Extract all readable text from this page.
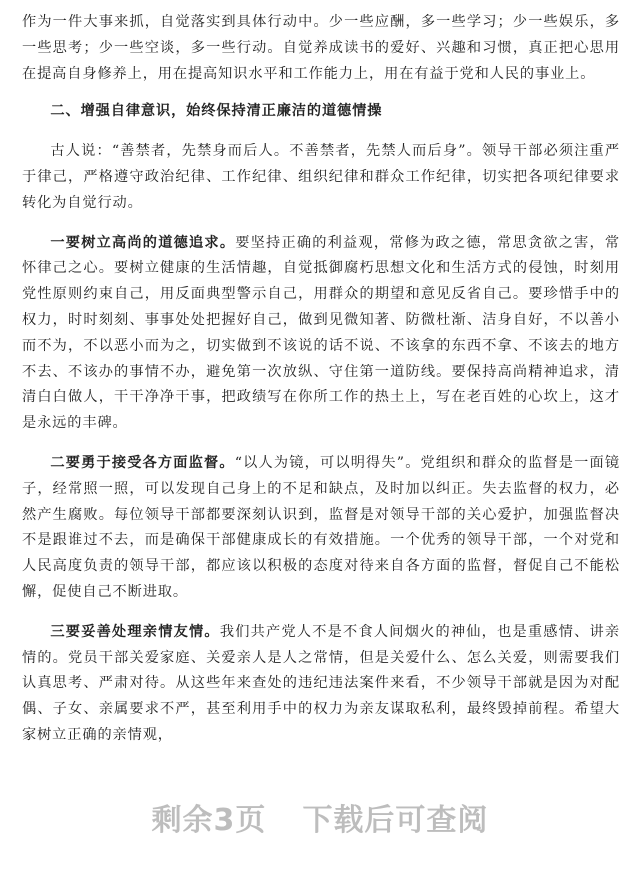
作为一件大事来抓，自觉落实到具体行动中。少一些应酬，多一些学习；少一些娱乐，多一些思考；少一些空谈，多一些行动。自觉养成读书的爱好、兴趣和习惯，真正把心思用在提高自身修养上，用在提高知识水平和工作能力上，用在有益于党和人民的事业上。

二、增强自律意识，始终保持清正廉洁的道德情操

古人说：“善禁者，先禁身而后人。不善禁者，先禁人而后身”。领导干部必须注重严于律己，严格遵守政治纪律、工作纪律、组织纪律和群众工作纪律，切实把各项纪律要求转化为自觉行动。

一要树立高尚的道德追求。要坚持正确的利益观，常修为政之德，常思贪欲之害，常怀律己之心。要树立健康的生活情趣，自觉抵御腐朽思想文化和生活方式的侵蚀，时刻用党性原则约束自己，用反面典型警示自己，用群众的期望和意见反省自己。要珍惜手中的权力，时时刻刻、事事处处把握好自己，做到见微知著、防微杜渐、洁身自好，不以善小而不为，不以恶小而为之，切实做到不该说的话不说、不该拿的东西不拿、不该去的地方不去、不该办的事情不办，避免第一次放纵、守住第一道防线。要保持高尚精神追求，清清白白做人，干干净净干事，把政绩写在你所工作的热土上，写在老百姓的心坎上，这才是永远的丰碑。

二要勇于接受各方面监督。“以人为镜，可以明得失”。党组织和群众的监督是一面镜子，经常照一照，可以发现自己身上的不足和缺点，及时加以纠正。失去监督的权力，必然产生腐败。每位领导干部都要深刻认识到，监督是对领导干部的关心爱护，加强监督决不是跟谁过不去，而是确保干部健康成长的有效措施。一个优秀的领导干部，一个对党和人民高度负责的领导干部，都应该以积极的态度对待来自各方面的监督，督促自己不能松懈，促使自己不断进取。

三要妥善处理亲情友情。我们共产党人不是不食人间烟火的神仙，也是重感情、讲亲情的。党员干部关爱家庭、关爱亲人是人之常情，但是关爱什么、怎么关爱，则需要我们认真思考、严肃对待。从这些年来查处的违纪违法案件来看，不少领导干部就是因为对配偶、子女、亲属要求不严，甚至利用手中的权力为亲友谋取私利，最终毁掉前程。希望大家树立正确的亲情观，

剩余3页 下载后可查阅
